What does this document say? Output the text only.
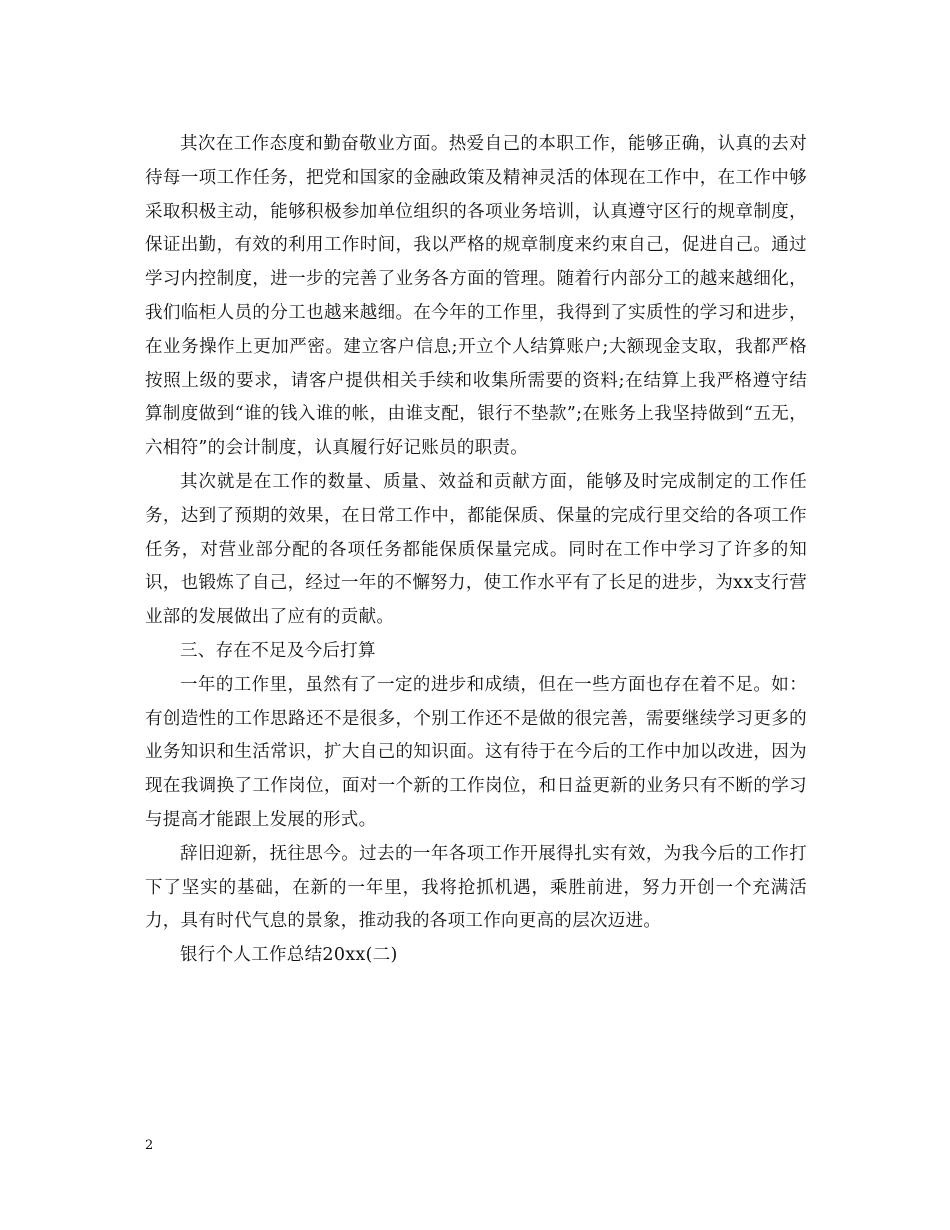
其次在工作态度和勤奋敬业方面。热爱自己的本职工作，能够正确，认真的去对待每一项工作任务，把党和国家的金融政策及精神灵活的体现在工作中，在工作中够采取积极主动，能够积极参加单位组织的各项业务培训，认真遵守区行的规章制度，保证出勤，有效的利用工作时间，我以严格的规章制度来约束自己，促进自己。通过学习内控制度，进一步的完善了业务各方面的管理。随着行内部分工的越来越细化，我们临柜人员的分工也越来越细。在今年的工作里，我得到了实质性的学习和进步，在业务操作上更加严密。建立客户信息;开立个人结算账户;大额现金支取，我都严格按照上级的要求，请客户提供相关手续和收集所需要的资料;在结算上我严格遵守结算制度做到“谁的钱入谁的帐，由谁支配，银行不垫款”;在账务上我坚持做到“五无，六相符”的会计制度，认真履行好记账员的职责。

其次就是在工作的数量、质量、效益和贡献方面，能够及时完成制定的工作任务，达到了预期的效果，在日常工作中，都能保质、保量的完成行里交给的各项工作任务，对营业部分配的各项任务都能保质保量完成。同时在工作中学习了许多的知识，也锻炼了自己，经过一年的不懈努力，使工作水平有了长足的进步，为xx支行营业部的发展做出了应有的贡献。

三、存在不足及今后打算

一年的工作里，虽然有了一定的进步和成绩，但在一些方面也存在着不足。如：有创造性的工作思路还不是很多，个别工作还不是做的很完善，需要继续学习更多的业务知识和生活常识，扩大自己的知识面。这有待于在今后的工作中加以改进，因为现在我调换了工作岗位，面对一个新的工作岗位，和日益更新的业务只有不断的学习与提高才能跟上发展的形式。

辞旧迎新，抚往思今。过去的一年各项工作开展得扎实有效，为我今后的工作打下了坚实的基础，在新的一年里，我将抢抓机遇，乘胜前进，努力开创一个充满活力，具有时代气息的景象，推动我的各项工作向更高的层次迈进。

银行个人工作总结20xx(二)

2
